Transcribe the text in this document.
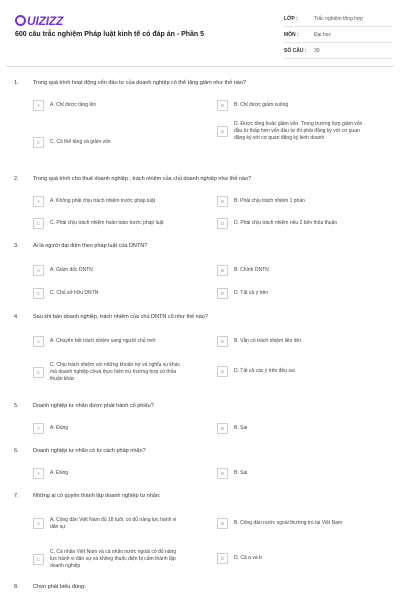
UIZIZZ
600 câu trắc nghiệm Pháp luật kinh tế có đáp án - Phần 5
LỚP :	Trắc nghiệm tổng hợp
MÔN :	Đại học
SỐ CÂU :	30
1.	Trong quá trình hoạt động vốn đầu tư của doanh nghiệp có thể tăng giảm như thế nào?
A	A. Chỉ được tăng lên	B	B. Chỉ được giảm xuống
C	C. Có thể tăng và giảm vốn
D
D. Được tăng hoặc giảm vốn. Trong trường hợp giảm vốn đầu tư thấp hơn vốn đầu tư thì phải đăng ký với cơ quan đăng ký với cơ quan đăng ký kinh doanh
2.	Trong quá trình cho thuê doanh nghiệp , trách nhiệm của chủ doanh nghiệp như thế nào?
A	A. Không phải chịu trách nhiệm trước pháp luật	B	B. Phải chịu trách nhiệm 1 phần
C	C. Phải chịu trách nhiệm hoàn toàn trước pháp luật	D	D. Phải chịu trách nhiệm nếu 2 bên thỏa thuận
3.	Ai là người đại diện theo pháp luật của DNTN?
A	A. Giám đốc DNTN	B	B. Chính DNTN
C	C. Chủ sở hữu DNTN	D	D. Tất cả ý trên
4.	Sau khi bán doanh nghiệp, trách nhiệm của chủ DNTN cũ như thế nào?
A	A. Chuyển hết trách nhiệm sang người chủ mới	B	B. Vẫn có trách nhiệm liên đới
C
C. Chịu trách nhiệm với những khoản nợ và nghĩa vụ khác mà doanh nghiệp chưa thực hiện trừ trường hợp có thỏa thuận khác
D	D. Tất cả các ý trên đều sai
5.	Doanh nghiệp tư nhân được phát hành cổ phiếu?
A	A. Đúng	B	B. Sai
6.	Doanh nghiệp tư nhân có tư cách pháp nhân?
A	A. Đúng	B	B. Sai
7.	Những ai có quyền thành lập doanh nghiệp tư nhân:
A
A. Công dân Việt Nam đủ 18 tuổi, có đủ năng lực hành vi dân sự
B	B. Công dân nước ngoài thường trú tại Việt Nam
C
C. Cá nhân Việt Nam và cá nhân nước ngoài có đủ năng lực hành vi dân sự và không thuộc diện bị cấm thành lập doanh nghiệp
D	D. Cả a và b
8.	Chọn phát biểu đúng:
